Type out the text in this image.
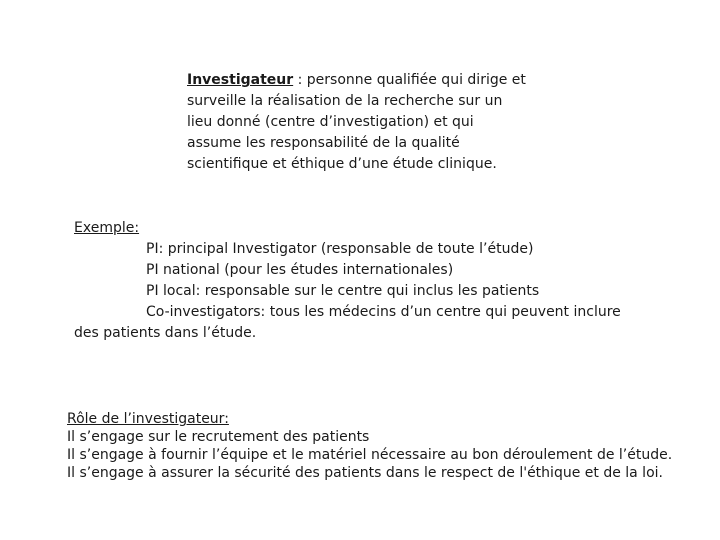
Investigateur : personne qualifiée qui dirige et
surveille la réalisation de la recherche sur un
lieu donné (centre d’investigation) et qui
assume les responsabilité de la qualité
scientifique et éthique d’une étude clinique.
Exemple:
PI: principal Investigator (responsable de toute l’étude)
PI national (pour les études internationales)
PI local: responsable sur le centre qui inclus les patients
Co-investigators: tous les médecins d’un centre qui peuvent inclure
des patients dans l’étude.
Rôle de l’investigateur:
Il s’engage sur le recrutement des patients
Il s’engage à fournir l’équipe et le matériel nécessaire au bon déroulement de l’étude.
Il s’engage à assurer la sécurité des patients dans le respect de l'éthique et de la loi.
